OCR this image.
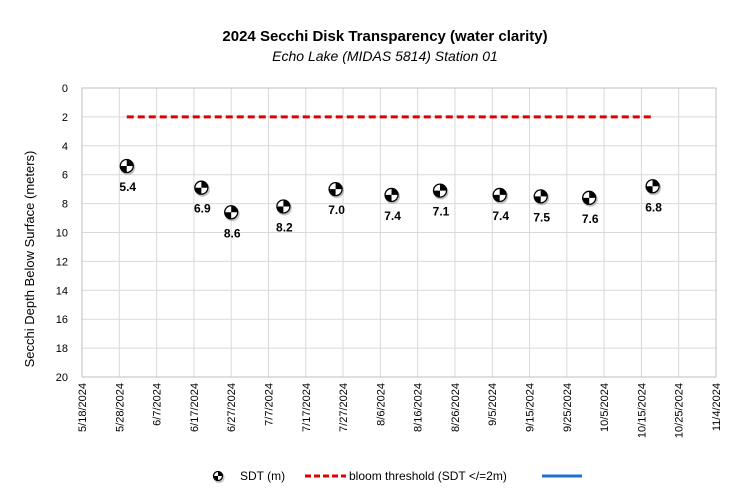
2024 Secchi Disk Transparency (water clarity)
Echo Lake (MIDAS 5814) Station 01
0
2
4
6
8
10
12
14
16
18
20
5/18/2024 5/28/2024 6/7/2024 6/17/2024 6/27/2024 7/7/2024 7/17/2024 7/27/2024 8/6/2024 8/16/2024 8/26/2024 9/5/2024 9/15/2024 9/25/2024 10/5/2024 10/15/2024 10/25/2024 11/4/2024
Secchi Depth Below Surface (meters)	5.4
6.9
8.6	8.2
7.0	7.4	7.1	7.4 7.5	7.6
6.8
SDT (m)	bloom threshold (SDT </=2m)
